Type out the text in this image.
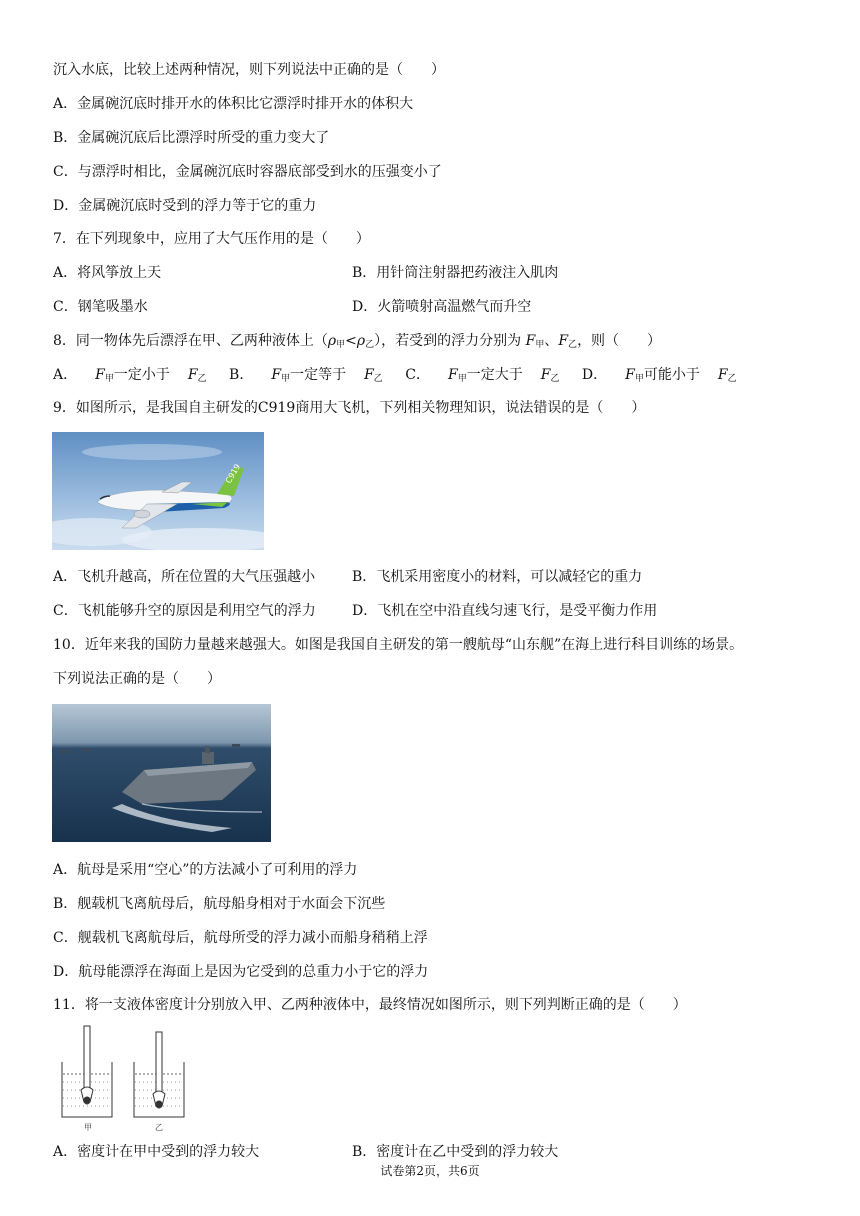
沉入水底，比较上述两种情况，则下列说法中正确的是（　　）
A．金属碗沉底时排开水的体积比它漂浮时排开水的体积大
B．金属碗沉底后比漂浮时所受的重力变大了
C．与漂浮时相比，金属碗沉底时容器底部受到水的压强变小了
D．金属碗沉底时受到的浮力等于它的重力
7．在下列现象中，应用了大气压作用的是（　　）
A．将风筝放上天	B．用针筒注射器把药液注入肌肉
C．钢笔吸墨水	D．火箭喷射高温燃气而升空
8．同一物体先后漂浮在甲、乙两种液体上$(\rho_甲<\rho_乙)$，若受到的浮力分别为 $F_甲$、$F_乙$，则（　　）
A． $F_甲$一定小于 $F_乙$ B． $F_甲$一定等于 $F_乙$ C． $F_甲$一定大于 $F_乙$ D． $F_甲$可能小于 $F_乙$
9．如图所示，是我国自主研发的C919商用大飞机，下列相关物理知识，说法错误的是（　　）
C919
A．飞机升越高，所在位置的大气压强越小	B．飞机采用密度小的材料，可以减轻它的重力
C．飞机能够升空的原因是利用空气的浮力	D．飞机在空中沿直线匀速飞行，是受平衡力作用
10．近年来我的国防力量越来越强大。如图是我国自主研发的第一艘航母“山东舰”在海上进行科目训练的场景。
下列说法正确的是（　　）
A．航母是采用“空心”的方法减小了可利用的浮力
B．舰载机飞离航母后，航母船身相对于水面会下沉些
C．舰载机飞离航母后，航母所受的浮力减小而船身稍稍上浮
D．航母能漂浮在海面上是因为它受到的总重力小于它的浮力
11．将一支液体密度计分别放入甲、乙两种液体中，最终情况如图所示，则下列判断正确的是（　　）
甲	乙
A．密度计在甲中受到的浮力较大	B．密度计在乙中受到的浮力较大
试卷第2页，共6页
